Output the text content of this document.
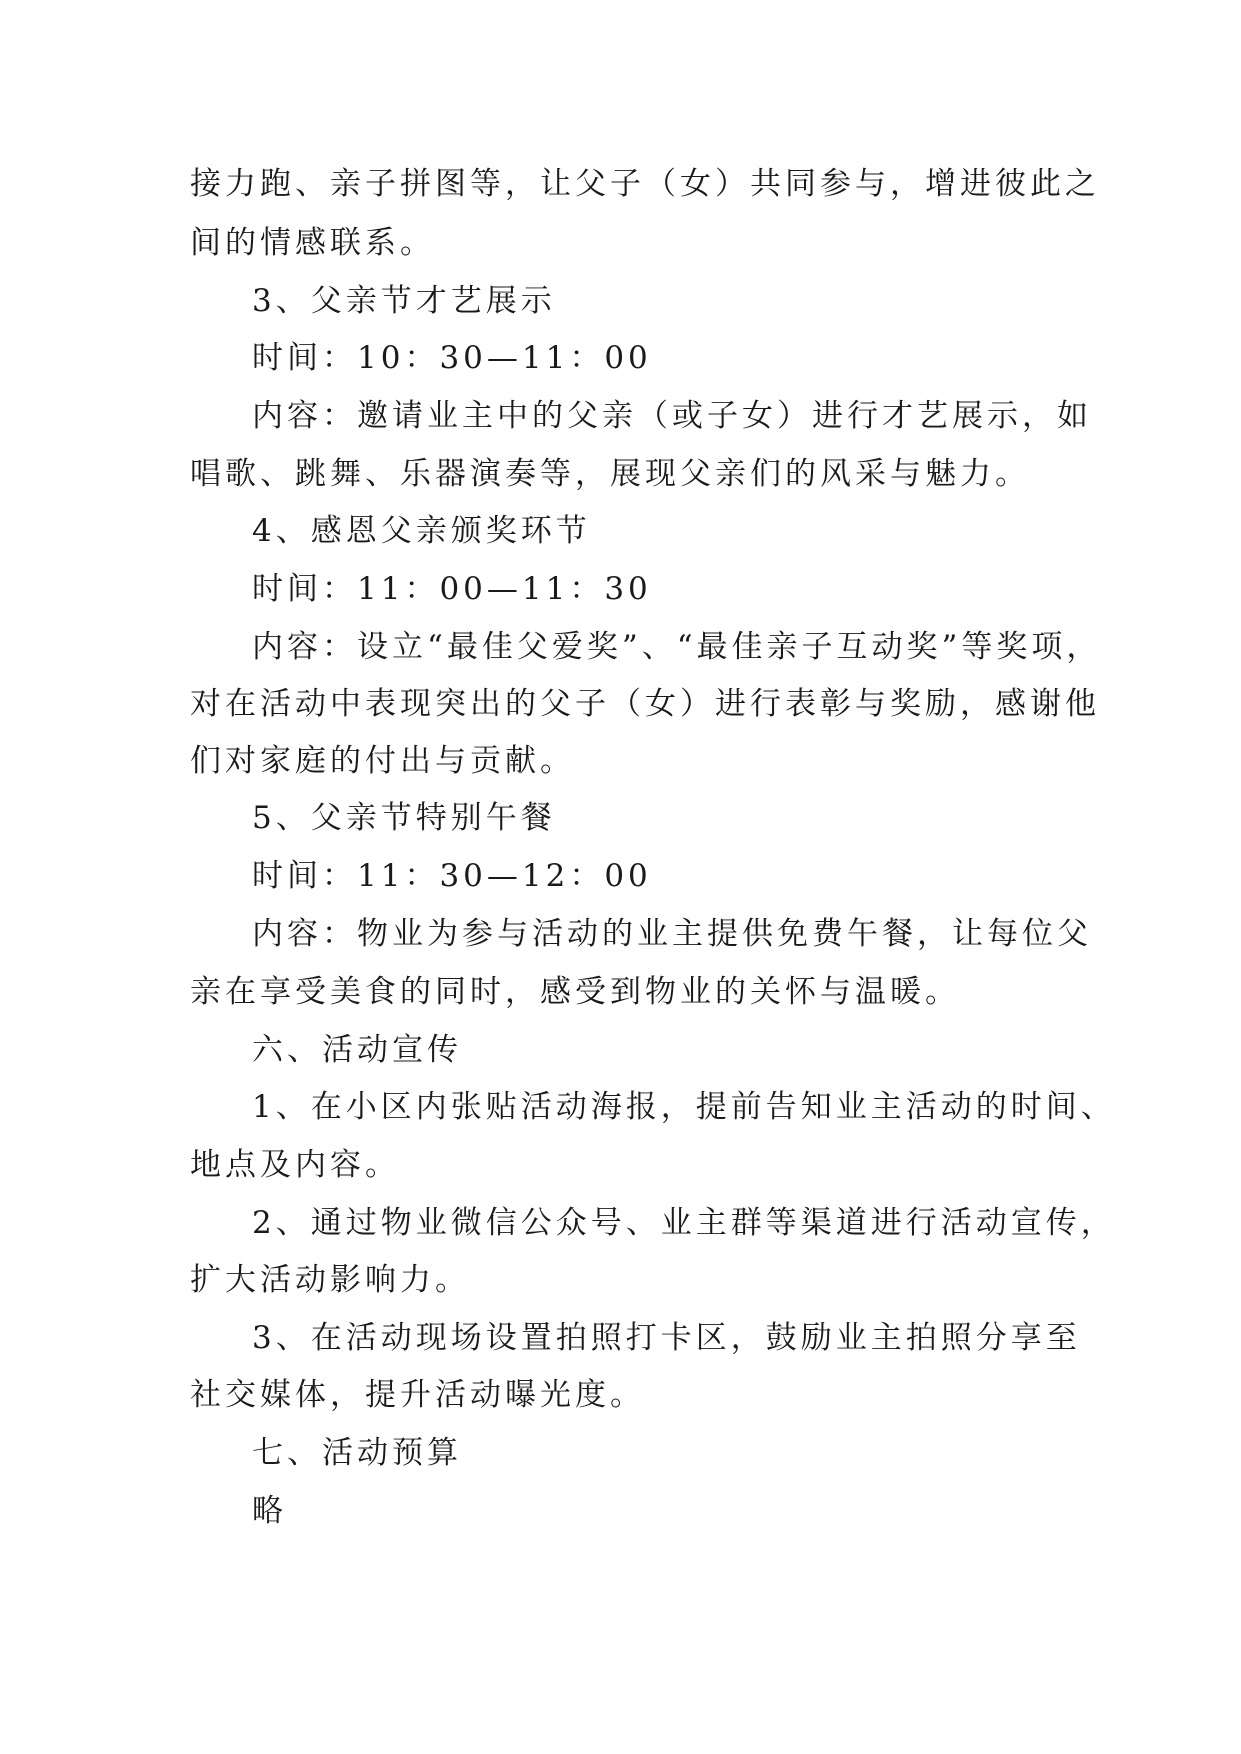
接力跑、亲子拼图等，让父子（女）共同参与，增进彼此之
间的情感联系。
3、父亲节才艺展示
时间：10：30—11：00
内容：邀请业主中的父亲（或子女）进行才艺展示，如
唱歌、跳舞、乐器演奏等，展现父亲们的风采与魅力。
4、感恩父亲颁奖环节
时间：11：00—11：30
内容：设立“最佳父爱奖”、“最佳亲子互动奖”等奖项，
对在活动中表现突出的父子（女）进行表彰与奖励，感谢他
们对家庭的付出与贡献。
5、父亲节特别午餐
时间：11：30—12：00
内容：物业为参与活动的业主提供免费午餐，让每位父
亲在享受美食的同时，感受到物业的关怀与温暖。
六、活动宣传
1、在小区内张贴活动海报，提前告知业主活动的时间、
地点及内容。
2、通过物业微信公众号、业主群等渠道进行活动宣传，
扩大活动影响力。
3、在活动现场设置拍照打卡区，鼓励业主拍照分享至
社交媒体，提升活动曝光度。
七、活动预算
略
